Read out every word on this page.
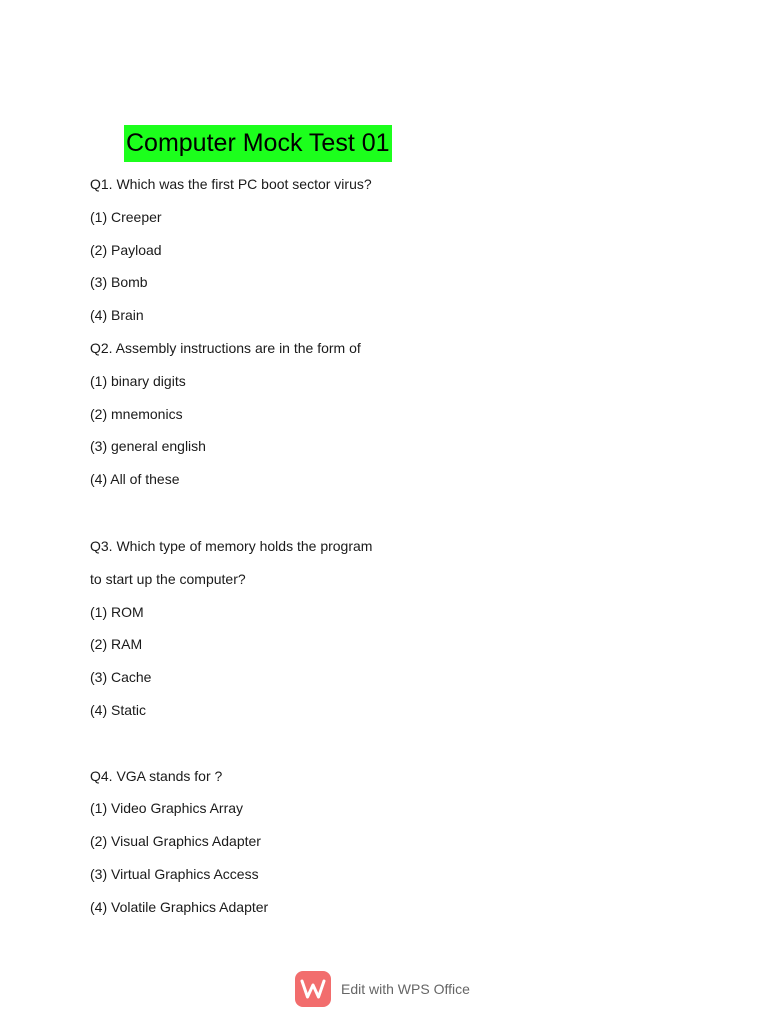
Computer Mock Test 01
Q1. Which was the first PC boot sector virus?
(1) Creeper
(2) Payload
(3) Bomb
(4) Brain
Q2. Assembly instructions are in the form of
(1) binary digits
(2) mnemonics
(3) general english
(4) All of these
Q3. Which type of memory holds the program
to start up the computer?
(1) ROM
(2) RAM
(3) Cache
(4) Static
Q4. VGA stands for ?
(1) Video Graphics Array
(2) Visual Graphics Adapter
(3) Virtual Graphics Access
(4) Volatile Graphics Adapter
Edit with WPS Office
